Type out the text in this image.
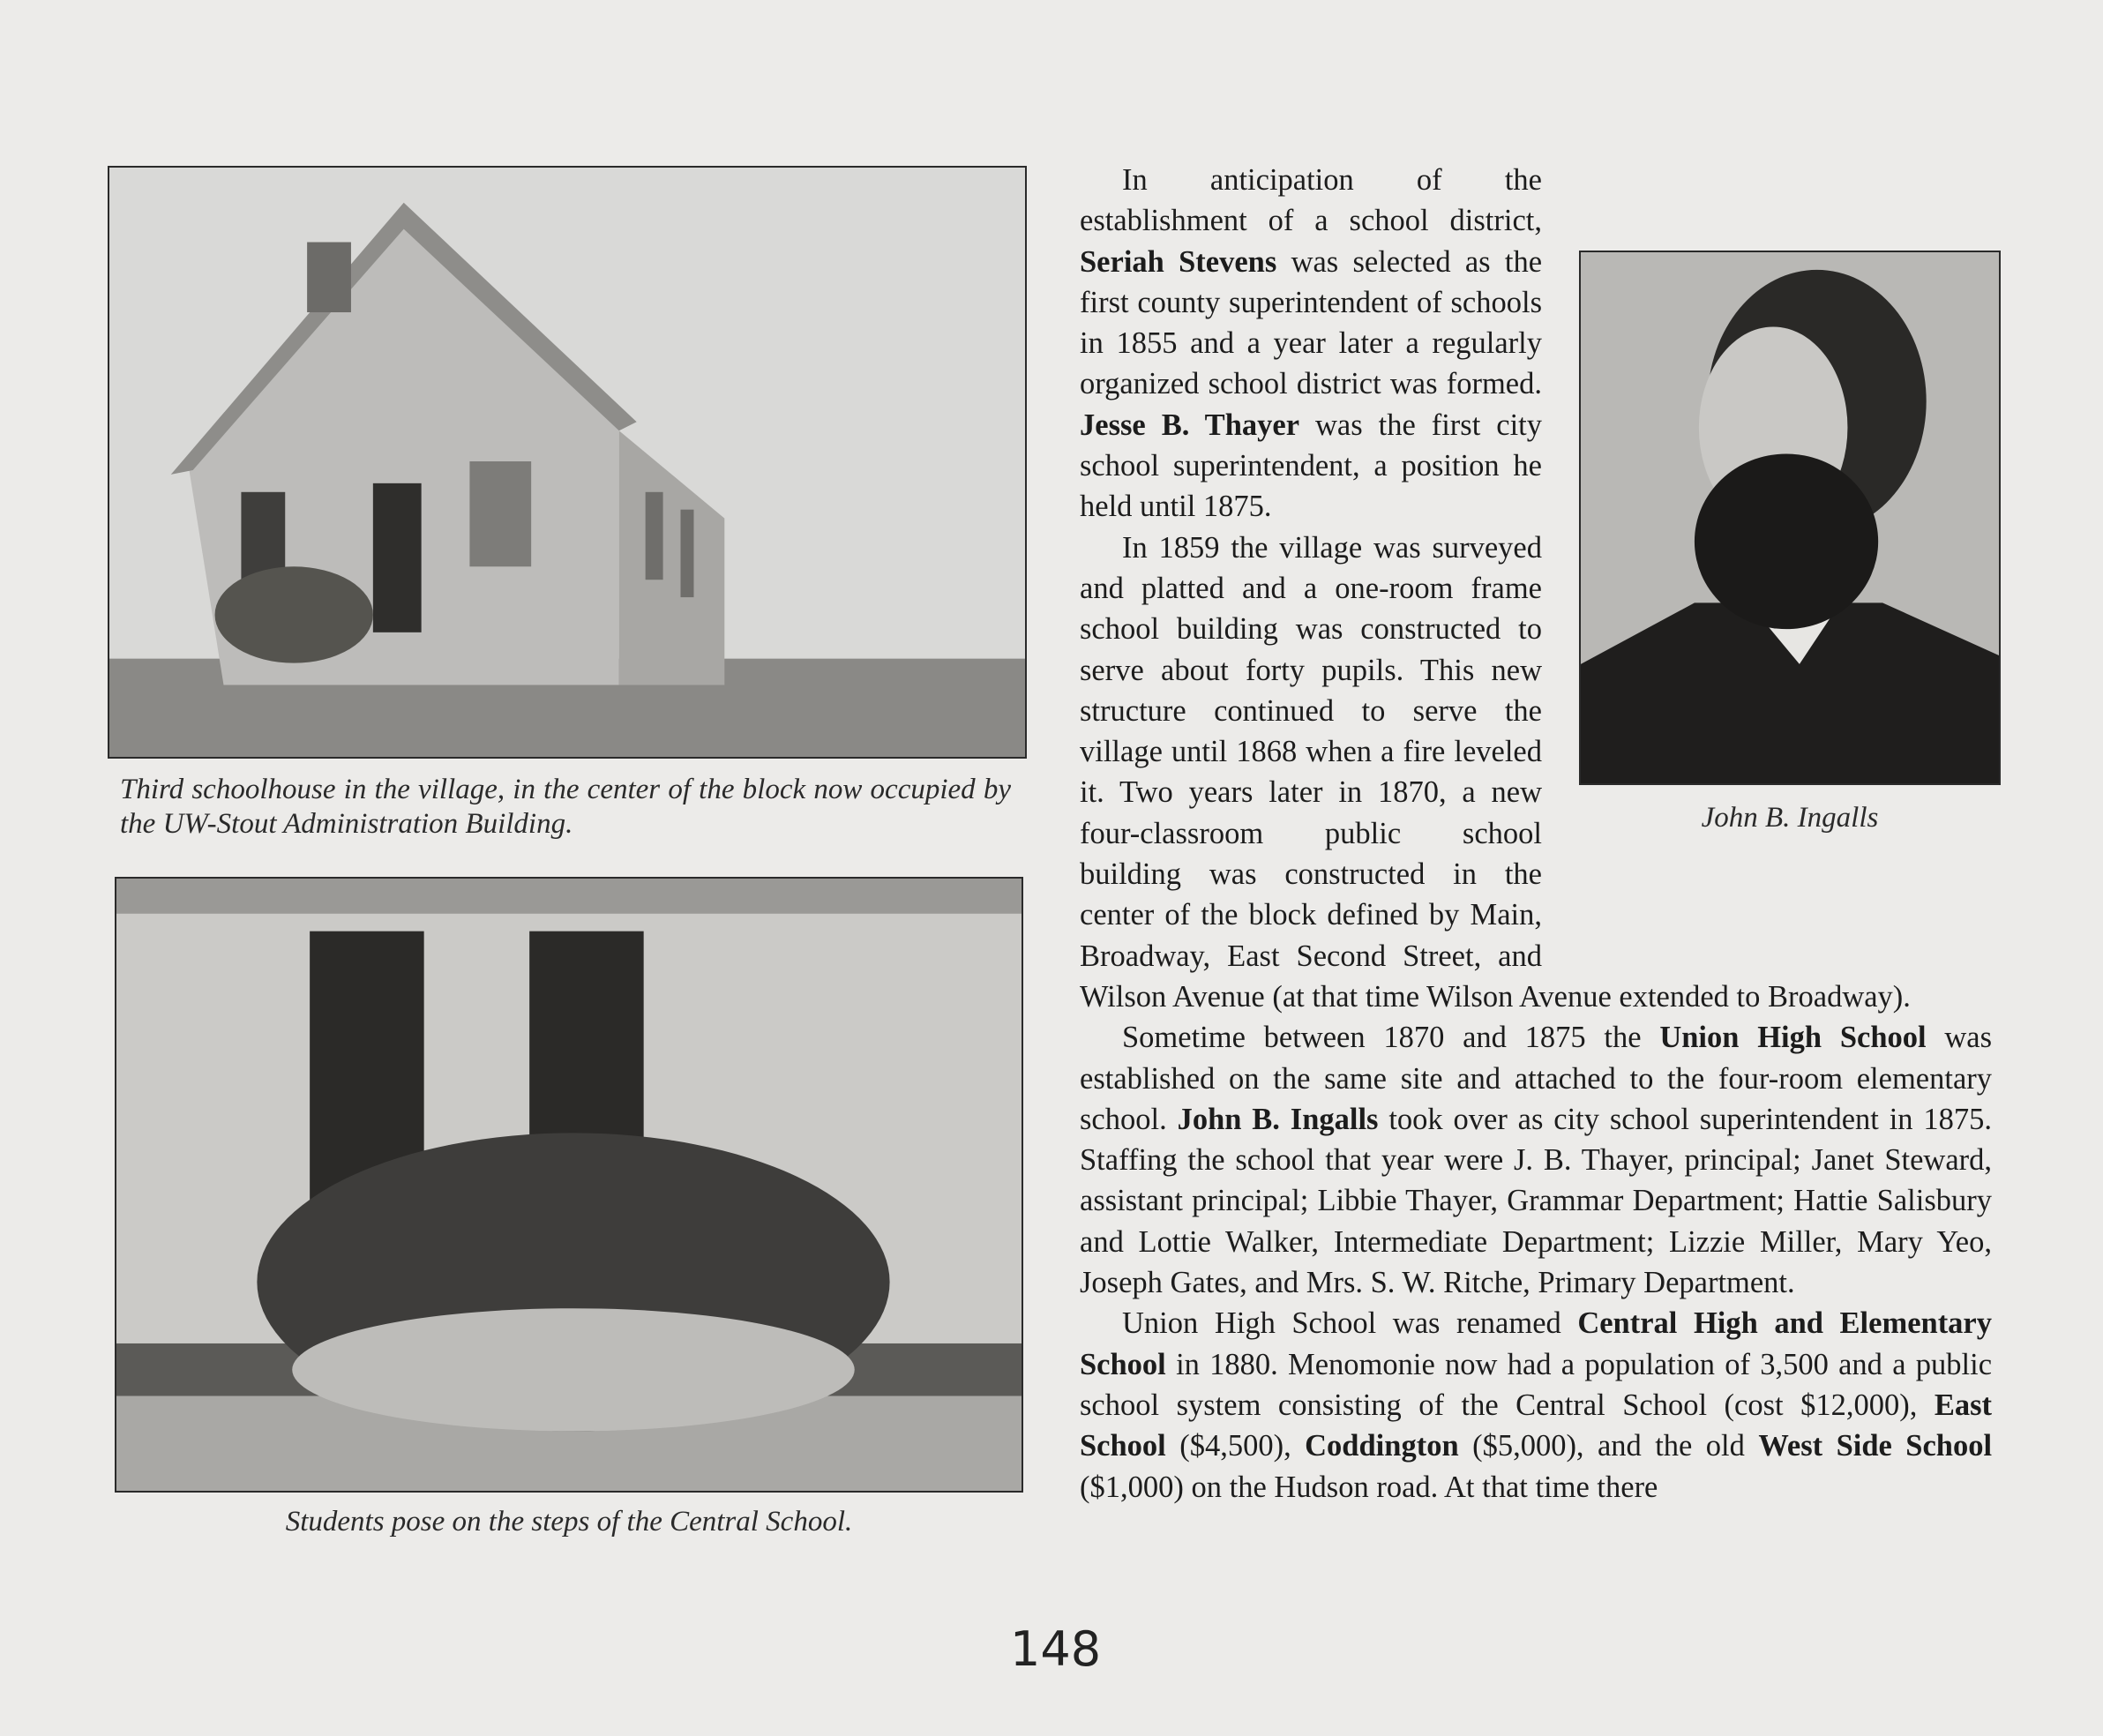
Third schoolhouse in the village, in the center of the block now occupied by the UW-Stout Administration Building.
Students pose on the steps of the Central School.
John B. Ingalls

In anticipation of the establishment of a school district, Seriah Stevens was selected as the first county superintendent of schools in 1855 and a year later a regularly organized school district was formed. Jesse B. Thayer was the first city school superintendent, a position he held until 1875.

In 1859 the village was surveyed and platted and a one-room frame school building was constructed to serve about forty pupils. This new structure continued to serve the village until 1868 when a fire leveled it. Two years later in 1870, a new four-classroom public school building was constructed in the center of the block defined by Main, Broadway, East Second Street, and Wilson Avenue (at that time Wilson Avenue extended to Broadway).

Sometime between 1870 and 1875 the Union High School was established on the same site and attached to the four-room elementary school. John B. Ingalls took over as city school superintendent in 1875. Staffing the school that year were J. B. Thayer, principal; Janet Steward, assistant principal; Libbie Thayer, Grammar Department; Hattie Salisbury and Lottie Walker, Intermediate Department; Lizzie Miller, Mary Yeo, Joseph Gates, and Mrs. S. W. Ritche, Primary Department.

Union High School was renamed Central High and Elementary School in 1880. Menomonie now had a population of 3,500 and a public school system consisting of the Central School (cost $12,000), East School ($4,500), Coddington ($5,000), and the old West Side School ($1,000) on the Hudson road. At that time there

148
